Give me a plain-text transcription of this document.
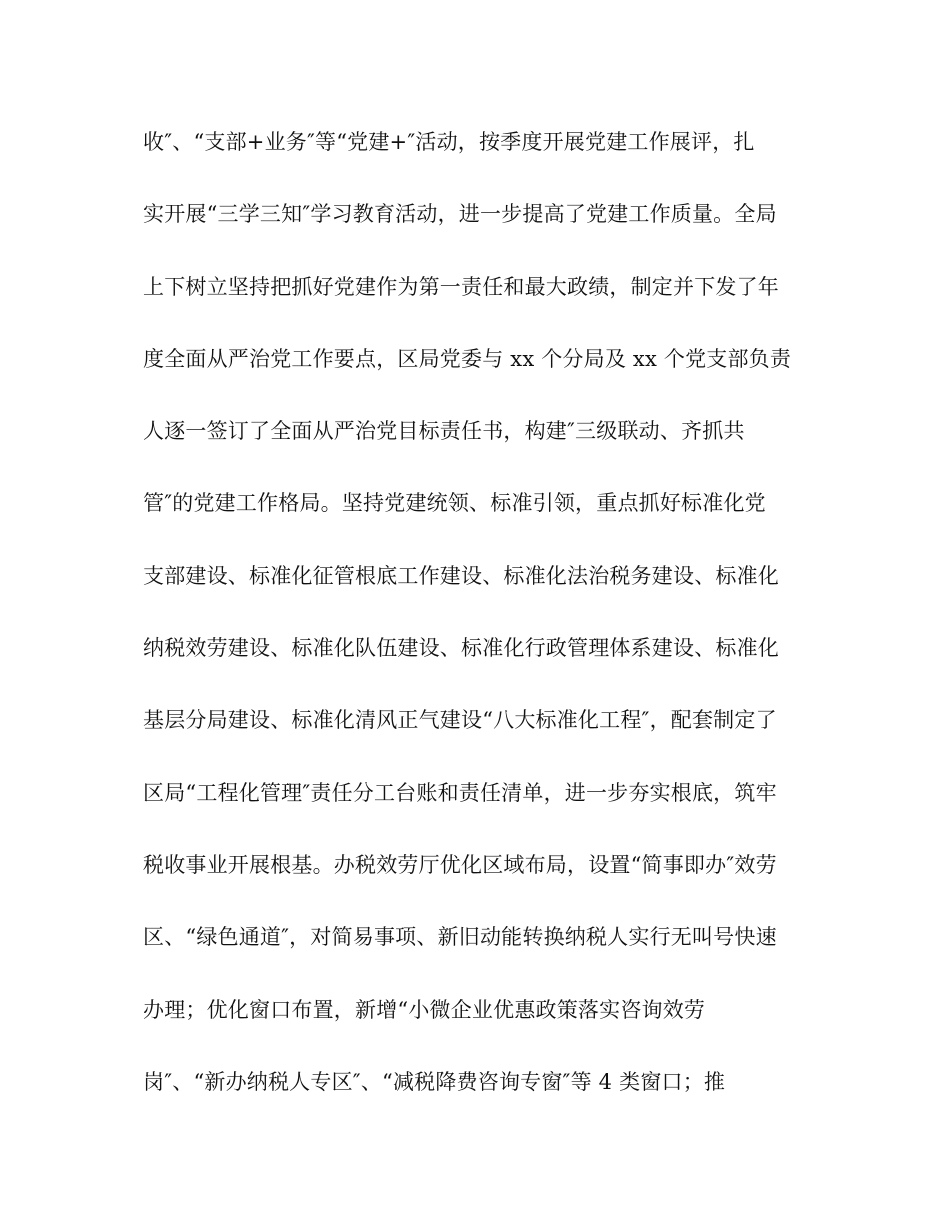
收″、“支部+业务″等“党建+″活动，按季度开展党建工作展评，扎
实开展“三学三知″学习教育活动，进一步提高了党建工作质量。全局
上下树立坚持把抓好党建作为第一责任和最大政绩，制定并下发了年
度全面从严治党工作要点，区局党委与 xx 个分局及 xx 个党支部负责
人逐一签订了全面从严治党目标责任书，构建″三级联动、齐抓共
管″的党建工作格局。坚持党建统领、标准引领，重点抓好标准化党
支部建设、标准化征管根底工作建设、标准化法治税务建设、标准化
纳税效劳建设、标准化队伍建设、标准化行政管理体系建设、标准化
基层分局建设、标准化清风正气建设“八大标准化工程″，配套制定了
区局“工程化管理″责任分工台账和责任清单，进一步夯实根底，筑牢
税收事业开展根基。办税效劳厅优化区域布局，设置“简事即办″效劳
区、“绿色通道″，对简易事项、新旧动能转换纳税人实行无叫号快速
办理；优化窗口布置，新增“小微企业优惠政策落实咨询效劳
岗″、“新办纳税人专区″、“减税降费咨询专窗″等 4 类窗口；推
